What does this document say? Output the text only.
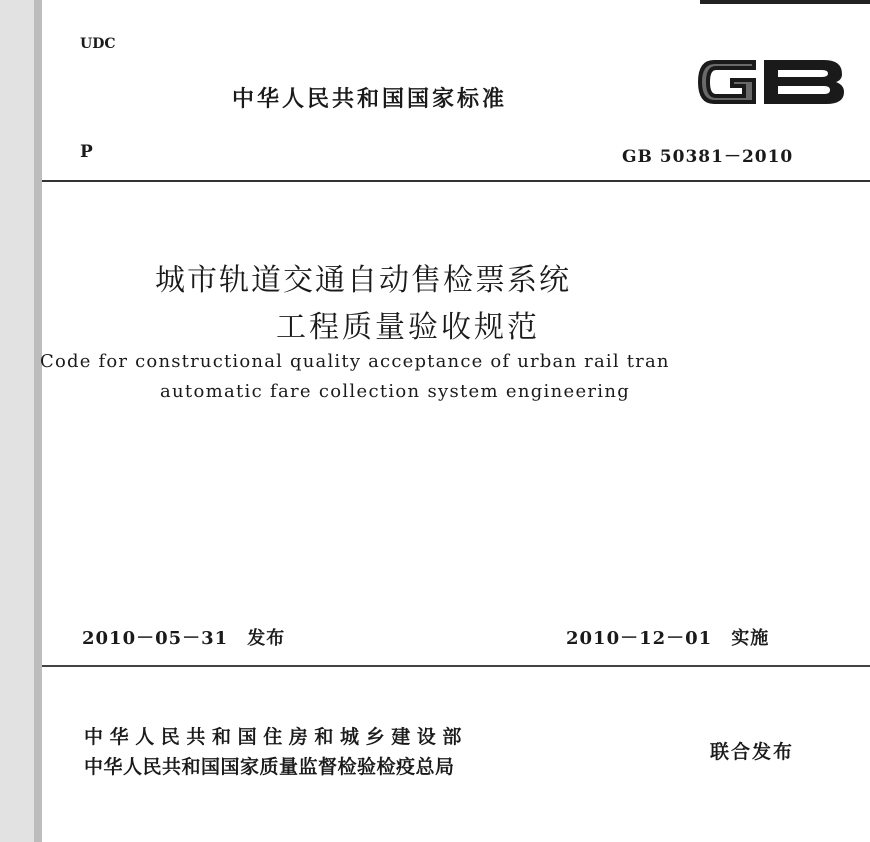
UDC
中华人民共和国国家标准
P	GB 50381－2010
城市轨道交通自动售检票系统
工程质量验收规范
Code for constructional quality acceptance of urban rail tran
automatic fare collection system engineering
2010－05－31　发布	2010－12－01　实施
中华人民共和国住房和城乡建设部
中华人民共和国国家质量监督检验检疫总局
联合发布
